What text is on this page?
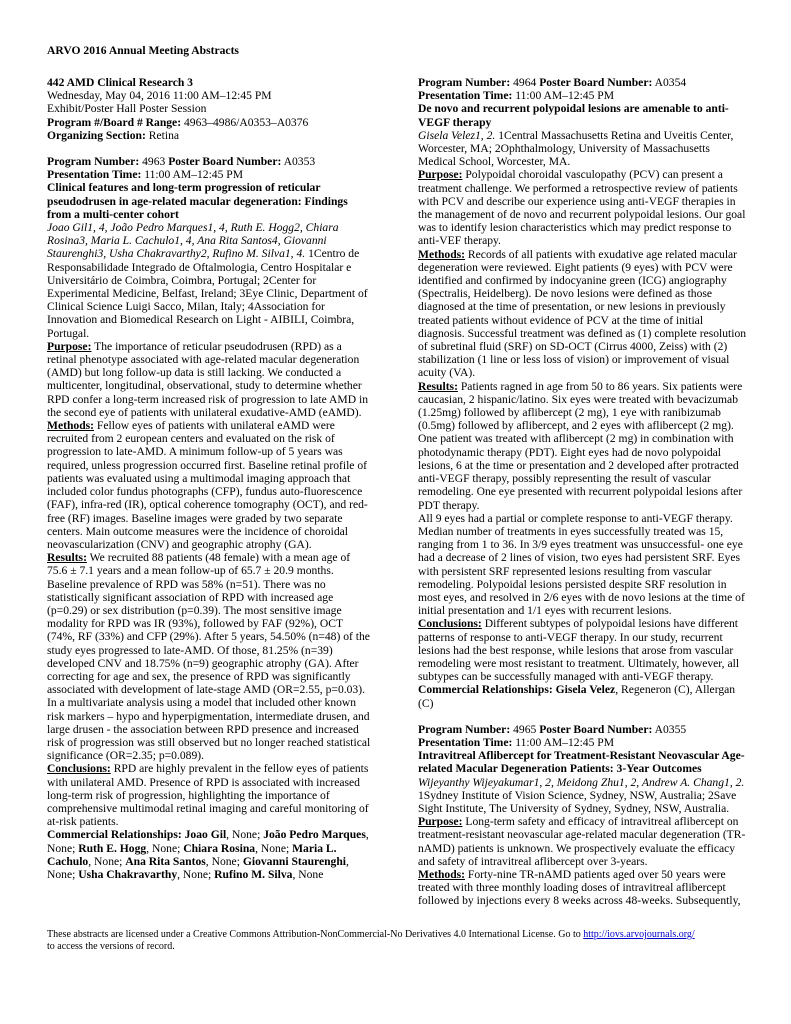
ARVO 2016 Annual Meeting Abstracts

442 AMD Clinical Research 3

Wednesday, May 04, 2016 11:00 AM–12:45 PM

Exhibit/Poster Hall Poster Session

Program #/Board # Range: 4963–4986/A0353–A0376

Organizing Section: Retina

Program Number: 4963 Poster Board Number: A0353

Presentation Time: 11:00 AM–12:45 PM

Clinical features and long-term progression of reticular pseudodrusen in age-related macular degeneration: Findings from a multi-center cohort

Joao Gil1, 4, João Pedro Marques1, 4, Ruth E. Hogg2, Chiara Rosina3, Maria L. Cachulo1, 4, Ana Rita Santos4, Giovanni Staurenghi3, Usha Chakravarthy2, Rufino M. Silva1, 4. 1Centro de Responsabilidade Integrado de Oftalmologia, Centro Hospitalar e Universitário de Coimbra, Coimbra, Portugal; 2Center for Experimental Medicine, Belfast, Ireland; 3Eye Clinic, Department of Clinical Science Luigi Sacco, Milan, Italy; 4Association for Innovation and Biomedical Research on Light - AIBILI, Coimbra, Portugal.

Purpose: The importance of reticular pseudodrusen (RPD) as a retinal phenotype associated with age-related macular degeneration (AMD) but long follow-up data is still lacking. We conducted a multicenter, longitudinal, observational, study to determine whether RPD confer a long-term increased risk of progression to late AMD in the second eye of patients with unilateral exudative-AMD (eAMD).

Methods: Fellow eyes of patients with unilateral eAMD were recruited from 2 european centers and evaluated on the risk of progression to late-AMD. A minimum follow-up of 5 years was required, unless progression occurred first. Baseline retinal profile of patients was evaluated using a multimodal imaging approach that included color fundus photographs (CFP), fundus auto-fluorescence (FAF), infra-red (IR), optical coherence tomography (OCT), and red-free (RF) images. Baseline images were graded by two separate centers. Main outcome measures were the incidence of choroidal neovascularization (CNV) and geographic atrophy (GA).

Results: We recruited 88 patients (48 female) with a mean age of 75.6 ± 7.1 years and a mean follow-up of 65.7 ± 20.9 months. Baseline prevalence of RPD was 58% (n=51). There was no statistically significant association of RPD with increased age (p=0.29) or sex distribution (p=0.39). The most sensitive image modality for RPD was IR (93%), followed by FAF (92%), OCT (74%, RF (33%) and CFP (29%). After 5 years, 54.50% (n=48) of the study eyes progressed to late-AMD. Of those, 81.25% (n=39) developed CNV and 18.75% (n=9) geographic atrophy (GA). After correcting for age and sex, the presence of RPD was significantly associated with development of late-stage AMD (OR=2.55, p=0.03). In a multivariate analysis using a model that included other known risk markers – hypo and hyperpigmentation, intermediate drusen, and large drusen - the association between RPD presence and increased risk of progression was still observed but no longer reached statistical significance (OR=2.35; p=0.089).

Conclusions: RPD are highly prevalent in the fellow eyes of patients with unilateral AMD. Presence of RPD is associated with increased long-term risk of progression, highlighting the importance of comprehensive multimodal retinal imaging and careful monitoring of at-risk patients.

Commercial Relationships: Joao Gil, None; João Pedro Marques, None; Ruth E. Hogg, None; Chiara Rosina, None; Maria L. Cachulo, None; Ana Rita Santos, None; Giovanni Staurenghi, None; Usha Chakravarthy, None; Rufino M. Silva, None

Program Number: 4964 Poster Board Number: A0354

Presentation Time: 11:00 AM–12:45 PM

De novo and recurrent polypoidal lesions are amenable to anti-VEGF therapy

Gisela Velez1, 2. 1Central Massachusetts Retina and Uveitis Center, Worcester, MA; 2Ophthalmology, University of Massachusetts Medical School, Worcester, MA.

Purpose: Polypoidal choroidal vasculopathy (PCV) can present a treatment challenge. We performed a retrospective review of patients with PCV and describe our experience using anti-VEGF therapies in the management of de novo and recurrent polypoidal lesions. Our goal was to identify lesion characteristics which may predict response to anti-VEF therapy.

Methods: Records of all patients with exudative age related macular degeneration were reviewed. Eight patients (9 eyes) with PCV were identified and confirmed by indocyanine green (ICG) angiography (Spectralis, Heidelberg). De novo lesions were defined as those diagnosed at the time of presentation, or new lesions in previously treated patients without evidence of PCV at the time of initial diagnosis. Successful treatment was defined as (1) complete resolution of subretinal fluid (SRF) on SD-OCT (Cirrus 4000, Zeiss) with (2) stabilization (1 line or less loss of vision) or improvement of visual acuity (VA).

Results: Patients ragned in age from 50 to 86 years. Six patients were caucasian, 2 hispanic/latino. Six eyes were treated with bevacizumab (1.25mg) followed by aflibercept (2 mg), 1 eye with ranibizumab (0.5mg) followed by aflibercept, and 2 eyes with aflibercept (2 mg). One patient was treated with aflibercept (2 mg) in combination with photodynamic therapy (PDT). Eight eyes had de novo polypoidal lesions, 6 at the time or presentation and 2 developed after protracted anti-VEGF therapy, possibly representing the result of vascular remodeling. One eye presented with recurrent polypoidal lesions after PDT therapy.

All 9 eyes had a partial or complete response to anti-VEGF therapy. Median number of treatments in eyes successfully treated was 15, ranging from 1 to 36. In 3/9 eyes treatment was unsuccessful- one eye had a decrease of 2 lines of vision, two eyes had persistent SRF. Eyes with persistent SRF represented lesions resulting from vascular remodeling. Polypoidal lesions persisted despite SRF resolution in most eyes, and resolved in 2/6 eyes with de novo lesions at the time of initial presentation and 1/1 eyes with recurrent lesions.

Conclusions: Different subtypes of polypoidal lesions have different patterns of response to anti-VEGF therapy. In our study, recurrent lesions had the best response, while lesions that arose from vascular remodeling were most resistant to treatment. Ultimately, however, all subtypes can be successfully managed with anti-VEGF therapy.

Commercial Relationships: Gisela Velez, Regeneron (C), Allergan (C)

Program Number: 4965 Poster Board Number: A0355

Presentation Time: 11:00 AM–12:45 PM

Intravitreal Aflibercept for Treatment-Resistant Neovascular Age-related Macular Degeneration Patients: 3-Year Outcomes

Wijeyanthy Wijeyakumar1, 2, Meidong Zhu1, 2, Andrew A. Chang1, 2. 1Sydney Institute of Vision Science, Sydney, NSW, Australia; 2Save Sight Institute, The University of Sydney, Sydney, NSW, Australia.

Purpose: Long-term safety and efficacy of intravitreal aflibercept on treatment-resistant neovascular age-related macular degeneration (TR-nAMD) patients is unknown. We prospectively evaluate the efficacy and safety of intravitreal aflibercept over 3-years.

Methods: Forty-nine TR-nAMD patients aged over 50 years were treated with three monthly loading doses of intravitreal aflibercept followed by injections every 8 weeks across 48-weeks. Subsequently,

These abstracts are licensed under a Creative Commons Attribution-NonCommercial-No Derivatives 4.0 International License. Go to http://iovs.arvojournals.org/
to access the versions of record.
